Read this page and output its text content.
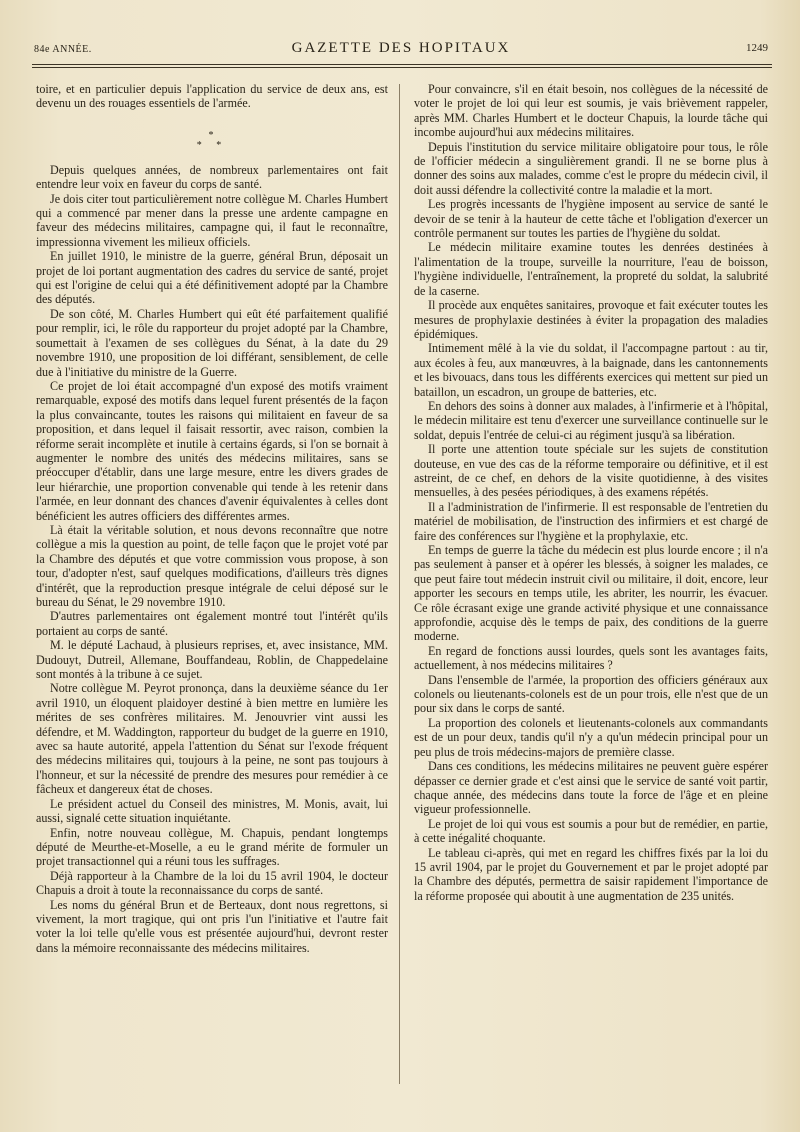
84e ANNÉE.	GAZETTE DES HOPITAUX	1249

toire, et en particulier depuis l'application du service de deux ans, est devenu un des rouages essentiels de l'armée.

*
* *

Depuis quelques années, de nombreux parlementaires ont fait entendre leur voix en faveur du corps de santé.

Je dois citer tout particulièrement notre collègue M. Charles Humbert qui a commencé par mener dans la presse une ardente campagne en faveur des médecins militaires, campagne qui, il faut le reconnaître, impressionna vivement les milieux officiels.

En juillet 1910, le ministre de la guerre, général Brun, déposait un projet de loi portant augmentation des cadres du service de santé, projet qui est l'origine de celui qui a été définitivement adopté par la Chambre des députés.

De son côté, M. Charles Humbert qui eût été parfaitement qualifié pour remplir, ici, le rôle du rapporteur du projet adopté par la Chambre, soumettait à l'examen de ses collègues du Sénat, à la date du 29 novembre 1910, une proposition de loi différant, sensiblement, de celle due à l'initiative du ministre de la Guerre.

Ce projet de loi était accompagné d'un exposé des motifs vraiment remarquable, exposé des motifs dans lequel furent présentés de la façon la plus convaincante, toutes les raisons qui militaient en faveur de sa proposition, et dans lequel il faisait ressortir, avec raison, combien la réforme serait incomplète et inutile à certains égards, si l'on se bornait à augmenter le nombre des unités des médecins militaires, sans se préoccuper d'établir, dans une large mesure, entre les divers grades de leur hiérarchie, une proportion convenable qui tende à les retenir dans l'armée, en leur donnant des chances d'avenir équivalentes à celles dont bénéficient les autres officiers des différentes armes.

Là était la véritable solution, et nous devons reconnaître que notre collègue a mis la question au point, de telle façon que le projet voté par la Chambre des députés et que votre commission vous propose, à son tour, d'adopter n'est, sauf quelques modifications, d'ailleurs très dignes d'intérêt, que la reproduction presque intégrale de celui déposé sur le bureau du Sénat, le 29 novembre 1910.

D'autres parlementaires ont également montré tout l'intérêt qu'ils portaient au corps de santé.

M. le député Lachaud, à plusieurs reprises, et, avec insistance, MM. Dudouyt, Dutreil, Allemane, Bouffandeau, Roblin, de Chappedelaine sont montés à la tribune à ce sujet.

Notre collègue M. Peyrot prononça, dans la deuxième séance du 1er avril 1910, un éloquent plaidoyer destiné à bien mettre en lumière les mérites de ses confrères militaires. M. Jenouvrier vint aussi les défendre, et M. Waddington, rapporteur du budget de la guerre en 1910, avec sa haute autorité, appela l'attention du Sénat sur l'exode fréquent des médecins militaires qui, toujours à la peine, ne sont pas toujours à l'honneur, et sur la nécessité de prendre des mesures pour remédier à ce fâcheux et dangereux état de choses.

Le président actuel du Conseil des ministres, M. Monis, avait, lui aussi, signalé cette situation inquiétante.

Enfin, notre nouveau collègue, M. Chapuis, pendant longtemps député de Meurthe-et-Moselle, a eu le grand mérite de formuler un projet transactionnel qui a réuni tous les suffrages.

Déjà rapporteur à la Chambre de la loi du 15 avril 1904, le docteur Chapuis a droit à toute la reconnaissance du corps de santé.

Les noms du général Brun et de Berteaux, dont nous regrettons, si vivement, la mort tragique, qui ont pris l'un l'initiative et l'autre fait voter la loi telle qu'elle vous est présentée aujourd'hui, devront rester dans la mémoire reconnaissante des médecins militaires.

Pour convaincre, s'il en était besoin, nos collègues de la nécessité de voter le projet de loi qui leur est soumis, je vais brièvement rappeler, après MM. Charles Humbert et le docteur Chapuis, la lourde tâche qui incombe aujourd'hui aux médecins militaires.

Depuis l'institution du service militaire obligatoire pour tous, le rôle de l'officier médecin a singulièrement grandi. Il ne se borne plus à donner des soins aux malades, comme c'est le propre du médecin civil, il doit aussi défendre la collectivité contre la maladie et la mort.

Les progrès incessants de l'hygiène imposent au service de santé le devoir de se tenir à la hauteur de cette tâche et l'obligation d'exercer un contrôle permanent sur toutes les parties de l'hygiène du soldat.

Le médecin militaire examine toutes les denrées destinées à l'alimentation de la troupe, surveille la nourriture, l'eau de boisson, l'hygiène individuelle, l'entraînement, la propreté du soldat, la salubrité de la caserne.

Il procède aux enquêtes sanitaires, provoque et fait exécuter toutes les mesures de prophylaxie destinées à éviter la propagation des maladies épidémiques.

Intimement mêlé à la vie du soldat, il l'accompagne partout : au tir, aux écoles à feu, aux manœuvres, à la baignade, dans les cantonnements et les bivouacs, dans tous les différents exercices qui mettent sur pied un bataillon, un escadron, un groupe de batteries, etc.

En dehors des soins à donner aux malades, à l'infirmerie et à l'hôpital, le médecin militaire est tenu d'exercer une surveillance continuelle sur le soldat, depuis l'entrée de celui-ci au régiment jusqu'à sa libération.

Il porte une attention toute spéciale sur les sujets de constitution douteuse, en vue des cas de la réforme temporaire ou définitive, et il est astreint, de ce chef, en dehors de la visite quotidienne, à des visites mensuelles, à des pesées périodiques, à des examens répétés.

Il a l'administration de l'infirmerie. Il est responsable de l'entretien du matériel de mobilisation, de l'instruction des infirmiers et est chargé de faire des conférences sur l'hygiène et la prophylaxie, etc.

En temps de guerre la tâche du médecin est plus lourde encore ; il n'a pas seulement à panser et à opérer les blessés, à soigner les malades, ce que peut faire tout médecin instruit civil ou militaire, il doit, encore, leur apporter les secours en temps utile, les abriter, les nourrir, les évacuer. Ce rôle écrasant exige une grande activité physique et une connaissance approfondie, acquise dès le temps de paix, des conditions de la guerre moderne.

En regard de fonctions aussi lourdes, quels sont les avantages faits, actuellement, à nos médecins militaires ?

Dans l'ensemble de l'armée, la proportion des officiers généraux aux colonels ou lieutenants-colonels est de un pour trois, elle n'est que de un pour six dans le corps de santé.

La proportion des colonels et lieutenants-colonels aux commandants est de un pour deux, tandis qu'il n'y a qu'un médecin principal pour un peu plus de trois médecins-majors de première classe.

Dans ces conditions, les médecins militaires ne peuvent guère espérer dépasser ce dernier grade et c'est ainsi que le service de santé voit partir, chaque année, des médecins dans toute la force de l'âge et en pleine vigueur professionnelle.

Le projet de loi qui vous est soumis a pour but de remédier, en partie, à cette inégalité choquante.

Le tableau ci-après, qui met en regard les chiffres fixés par la loi du 15 avril 1904, par le projet du Gouvernement et par le projet adopté par la Chambre des députés, permettra de saisir rapidement l'importance de la réforme proposée qui aboutit à une augmentation de 235 unités.
